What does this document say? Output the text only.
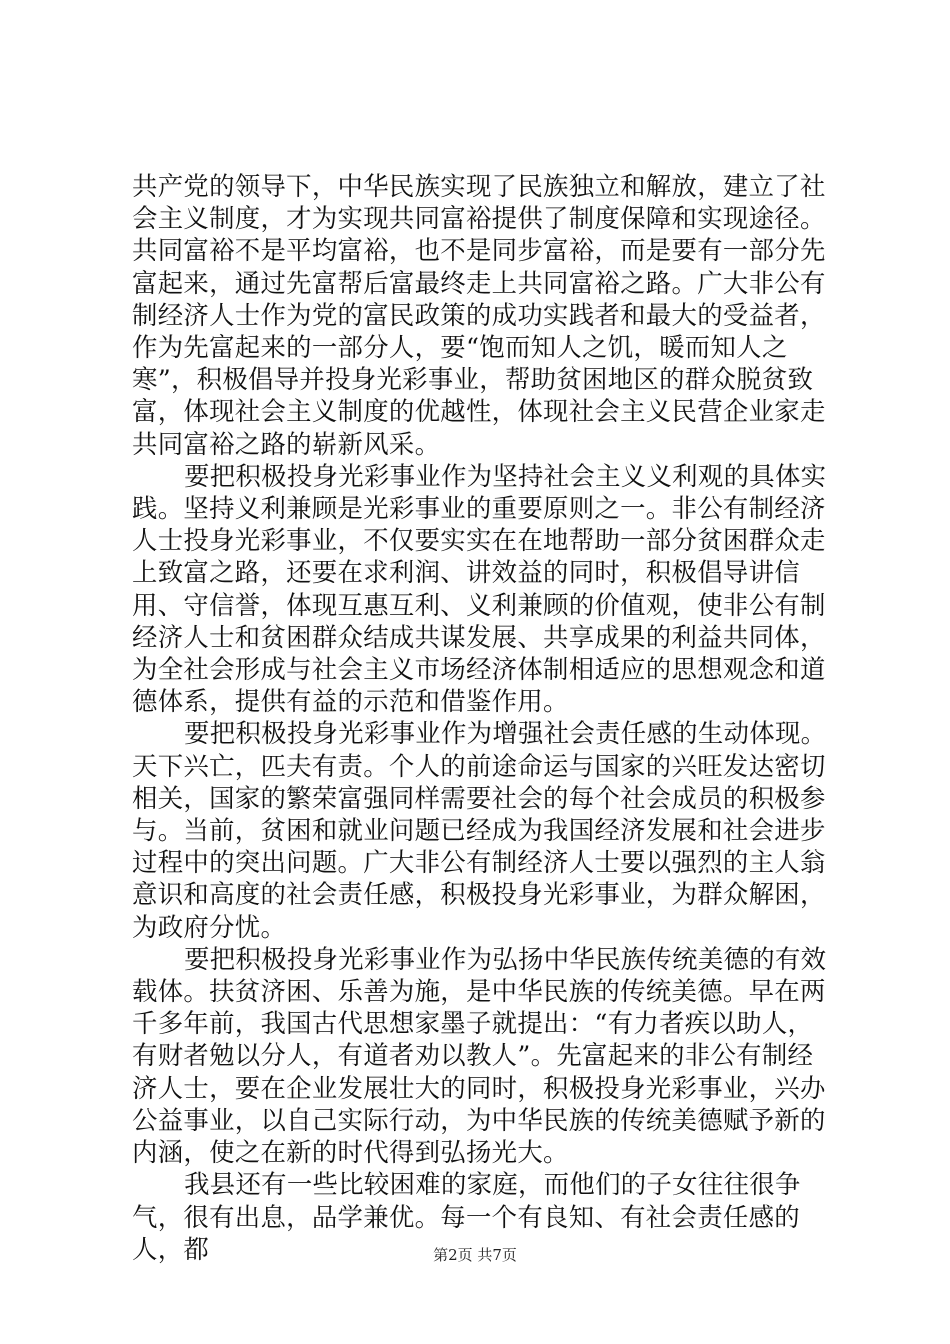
共产党的领导下，中华民族实现了民族独立和解放，建立了社会主义制度，才为实现共同富裕提供了制度保障和实现途径。共同富裕不是平均富裕，也不是同步富裕，而是要有一部分先富起来，通过先富帮后富最终走上共同富裕之路。广大非公有制经济人士作为党的富民政策的成功实践者和最大的受益者，作为先富起来的一部分人，要“饱而知人之饥，暖而知人之寒”，积极倡导并投身光彩事业，帮助贫困地区的群众脱贫致富，体现社会主义制度的优越性，体现社会主义民营企业家走共同富裕之路的崭新风采。

要把积极投身光彩事业作为坚持社会主义义利观的具体实践。坚持义利兼顾是光彩事业的重要原则之一。非公有制经济人士投身光彩事业，不仅要实实在在地帮助一部分贫困群众走上致富之路，还要在求利润、讲效益的同时，积极倡导讲信用、守信誉，体现互惠互利、义利兼顾的价值观，使非公有制经济人士和贫困群众结成共谋发展、共享成果的利益共同体，为全社会形成与社会主义市场经济体制相适应的思想观念和道德体系，提供有益的示范和借鉴作用。

要把积极投身光彩事业作为增强社会责任感的生动体现。天下兴亡，匹夫有责。个人的前途命运与国家的兴旺发达密切相关，国家的繁荣富强同样需要社会的每个社会成员的积极参与。当前，贫困和就业问题已经成为我国经济发展和社会进步过程中的突出问题。广大非公有制经济人士要以强烈的主人翁意识和高度的社会责任感，积极投身光彩事业，为群众解困，为政府分忧。

要把积极投身光彩事业作为弘扬中华民族传统美德的有效载体。扶贫济困、乐善为施，是中华民族的传统美德。早在两千多年前，我国古代思想家墨子就提出：“有力者疾以助人，有财者勉以分人，有道者劝以教人”。先富起来的非公有制经济人士，要在企业发展壮大的同时，积极投身光彩事业，兴办公益事业，以自己实际行动，为中华民族的传统美德赋予新的内涵，使之在新的时代得到弘扬光大。

我县还有一些比较困难的家庭，而他们的子女往往很争气，很有出息，品学兼优。每一个有良知、有社会责任感的人，都	第2页 共7页
